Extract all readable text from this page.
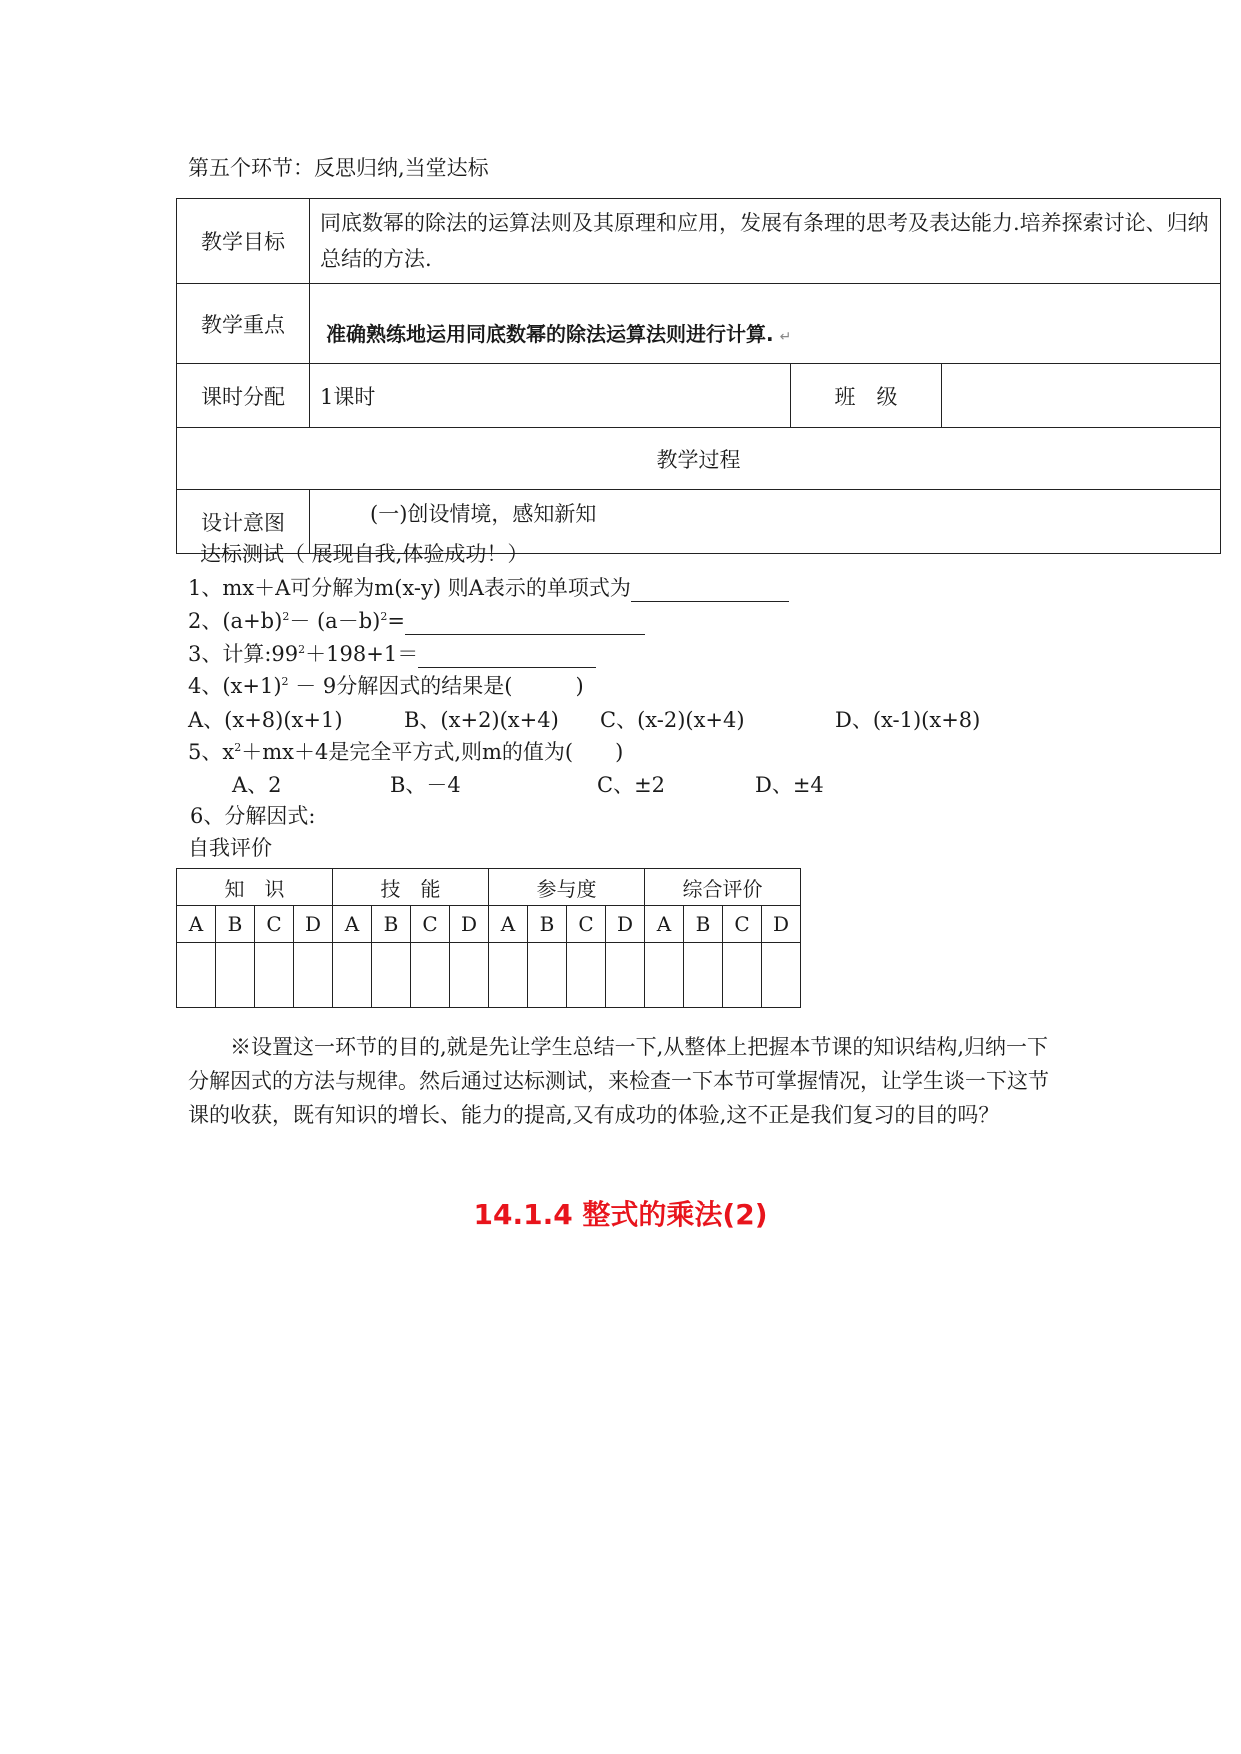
第五个环节：反思归纳,当堂达标
教学目标	同底数幂的除法的运算法则及其原理和应用，发展有条理的思考及表达能力.培养探索讨论、归纳总结的方法.		
教学重点	准确熟练地运用同底数幂的除法运算法则进行计算. ↵		
课时分配	1课时	班　级	
教学过程			
设计意图	(一)创设情境，感知新知		
达标测试（ 展现自我,体验成功！）
1、mx＋A可分解为m(x-y) 则A表示的单项式为
2、$(a+b)^2- (a-b)^2=$
3、计算$:99^2+198+1=$
4、$(x+1)^2 - 9$分解因式的结果是(　　　)
A、(x+8)(x+1)	B、(x+2)(x+4) C、(x-2)(x+4)	D、(x-1)(x+8)
5、$x^2+mx+4$是完全平方式,则m的值为(　　)
A、2	B、－4	C、±2	D、±4
6、分解因式:
自我评价
知　识				技　能				参与度				综合评价			
A	B	C	D	A	B	C	D	A	B	C	D	A	B	C	D

※设置这一环节的目的,就是先让学生总结一下,从整体上把握本节课的知识结构,归纳一下分解因式的方法与规律。然后通过达标测试，来检查一下本节可掌握情况，让学生谈一下这节课的收获，既有知识的增长、能力的提高,又有成功的体验,这不正是我们复习的目的吗？
14.1.4 整式的乘法(2)
